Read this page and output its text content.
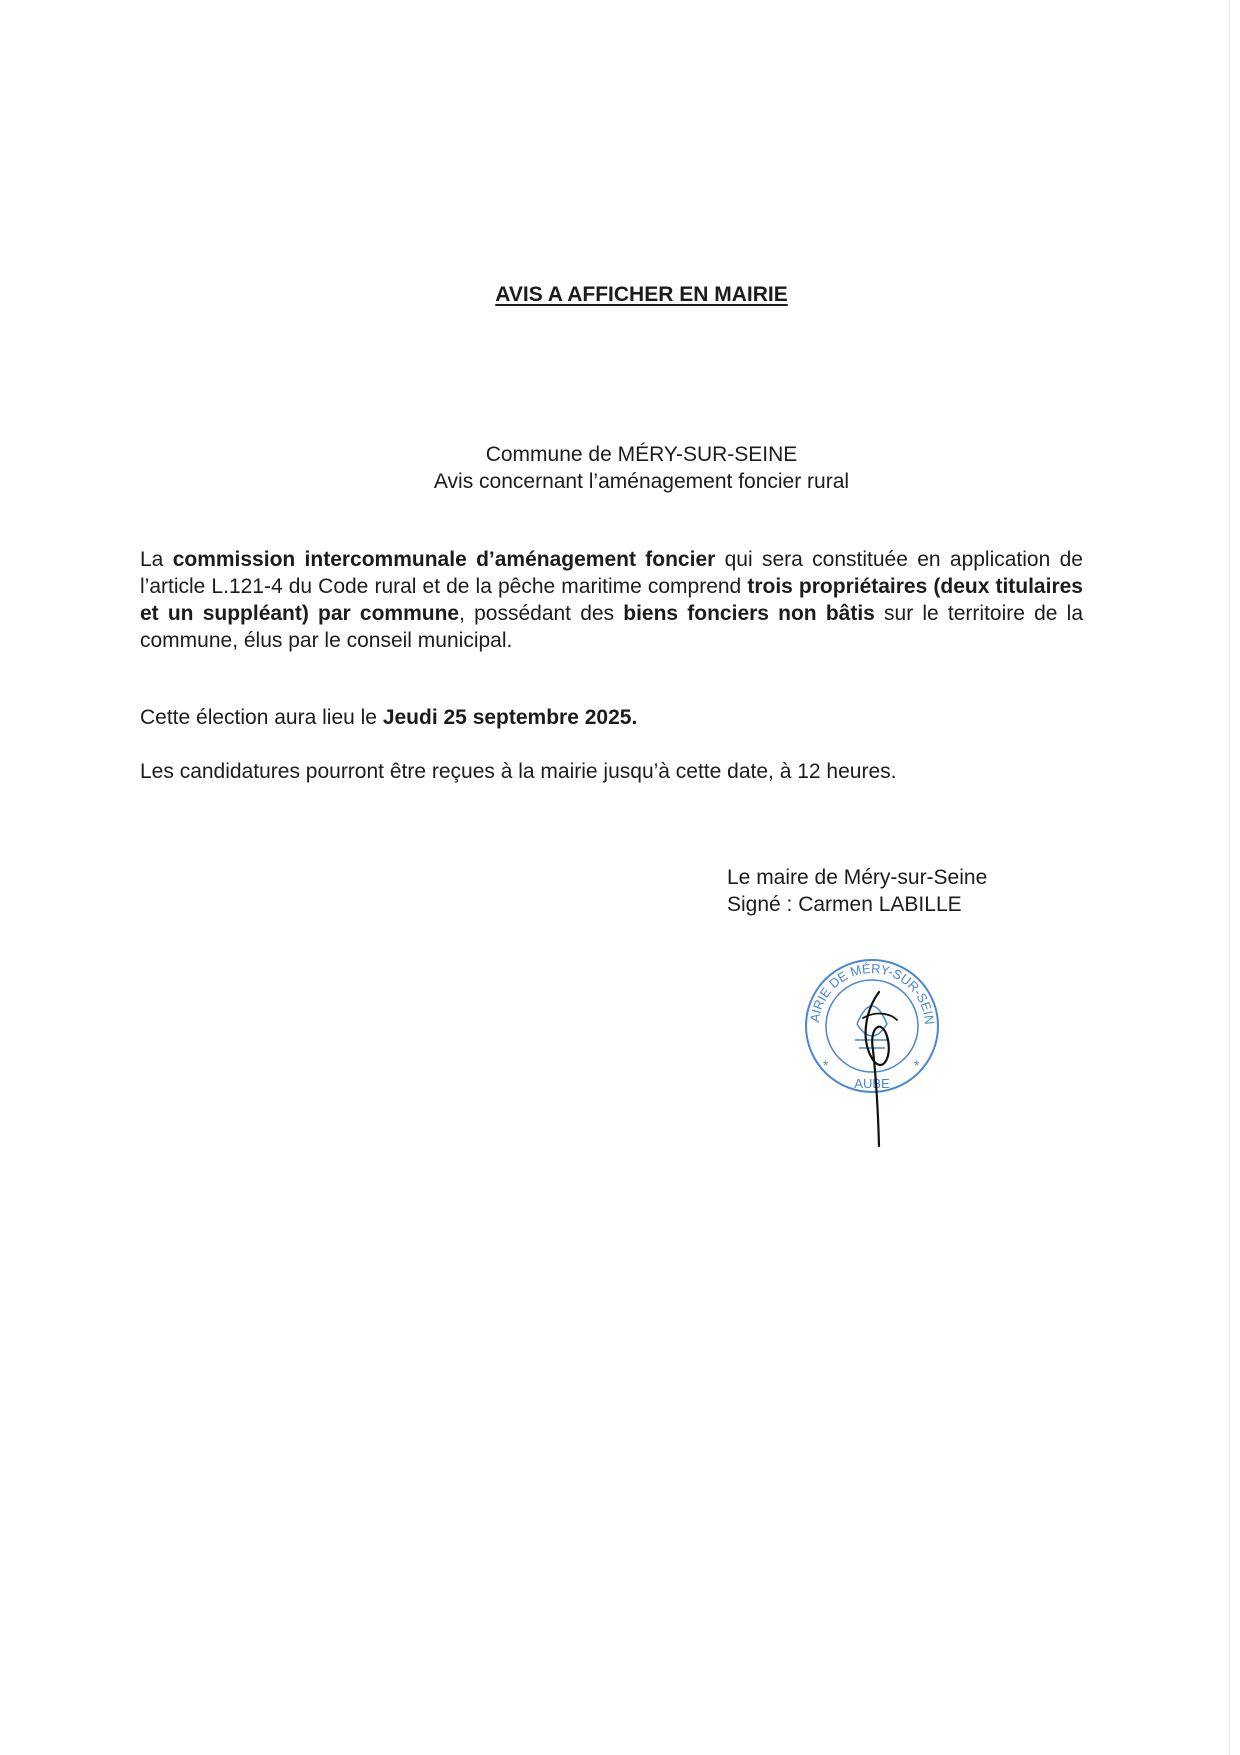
AVIS A AFFICHER EN MAIRIE
Commune de MÉRY-SUR-SEINE
Avis concernant l’aménagement foncier rural

La commission intercommunale d’aménagement foncier qui sera constituée en application de l’article L.121-4 du Code rural et de la pêche maritime comprend trois propriétaires (deux titulaires et un suppléant) par commune, possédant des biens fonciers non bâtis sur le territoire de la commune, élus par le conseil municipal.

Cette élection aura lieu le Jeudi 25 septembre 2025.

Les candidatures pourront être reçues à la mairie jusqu’à cette date, à 12 heures.

Le maire de Méry-sur-Seine
Signé : Carmen LABILLE
AIRIE DE MÉRY-SUR-SEIN
AUBE
*	*
